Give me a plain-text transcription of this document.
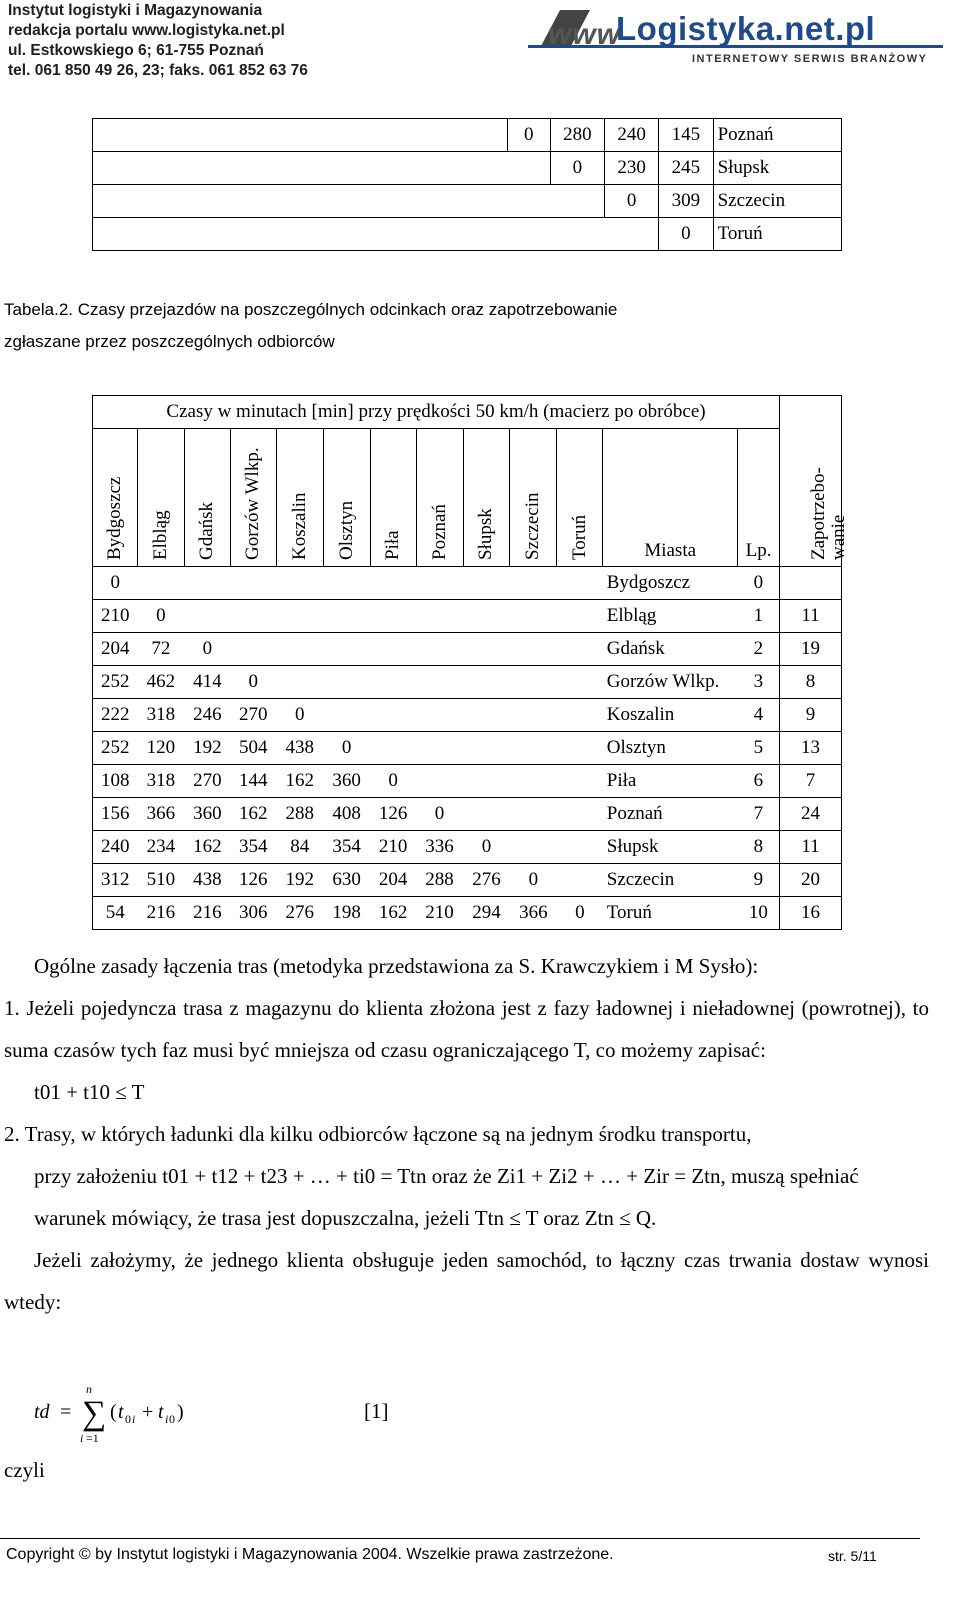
Instytut logistyki i Magazynowania
redakcja portalu www.logistyka.net.pl
ul. Estkowskiego 6; 61-755 Poznań
tel. 061 850 49 26, 23; faks. 061 852 63 76
www
Logistyka.net.pl
INTERNETOWY SERWIS BRANŻOWY
	0	280	240	145	Poznań
		0	230	245	Słupsk
			0	309	Szczecin
				0	Toruń
Tabela.2. Czasy przejazdów na poszczególnych odcinkach oraz zapotrzebowanie
zgłaszane przez poszczególnych odbiorców
Czasy w minutach [min] przy prędkości 50 km/h (macierz po obróbce)													Zapotrzebo- wanie

Bydgoszcz	Elbląg	Gdańsk	Gorzów Wlkp.	Koszalin	Olsztyn	Piła	Poznań	Słupsk	Szczecin	Toruń	Miasta	Lp.	
0											Bydgoszcz	0	
210	0										Elbląg	1	11
204	72	0									Gdańsk	2	19
252	462	414	0								Gorzów Wlkp.	3	8
222	318	246	270	0							Koszalin	4	9
252	120	192	504	438	0						Olsztyn	5	13
108	318	270	144	162	360	0					Piła	6	7
156	366	360	162	288	408	126	0				Poznań	7	24
240	234	162	354	84	354	210	336	0			Słupsk	8	11
312	510	438	126	192	630	204	288	276	0		Szczecin	9	20
54	216	216	306	276	198	162	210	294	366	0	Toruń	10	16

Ogólne zasady łączenia tras (metodyka przedstawiona za S. Krawczykiem i M Sysło):

1. Jeżeli pojedyncza trasa z magazynu do klienta złożona jest z fazy ładownej i nieładownej (powrotnej), to suma czasów tych faz musi być mniejsza od czasu ograniczającego T, co możemy zapisać:

t01 + t10 ≤ T

2. Trasy, w których ładunki dla kilku odbiorców łączone są na jednym środku transportu,

przy założeniu t01 + t12 + t23 + … + ti0 = Ttn oraz że Zi1 + Zi2 + … + Zir = Ztn, muszą spełniać

warunek mówiący, że trasa jest dopuszczalna, jeżeli Ttn ≤ T oraz Ztn ≤ Q.

Jeżeli założymy, że jednego klienta obsługuje jeden samochód, to łączny czas trwania dostaw wynosi wtedy:

td = ∑
n
i =1
( t 0 i + t i 0 )	[1]
czyli
Copyright © by Instytut logistyki i Magazynowania 2004. Wszelkie prawa zastrzeżone.	str. 5/11
